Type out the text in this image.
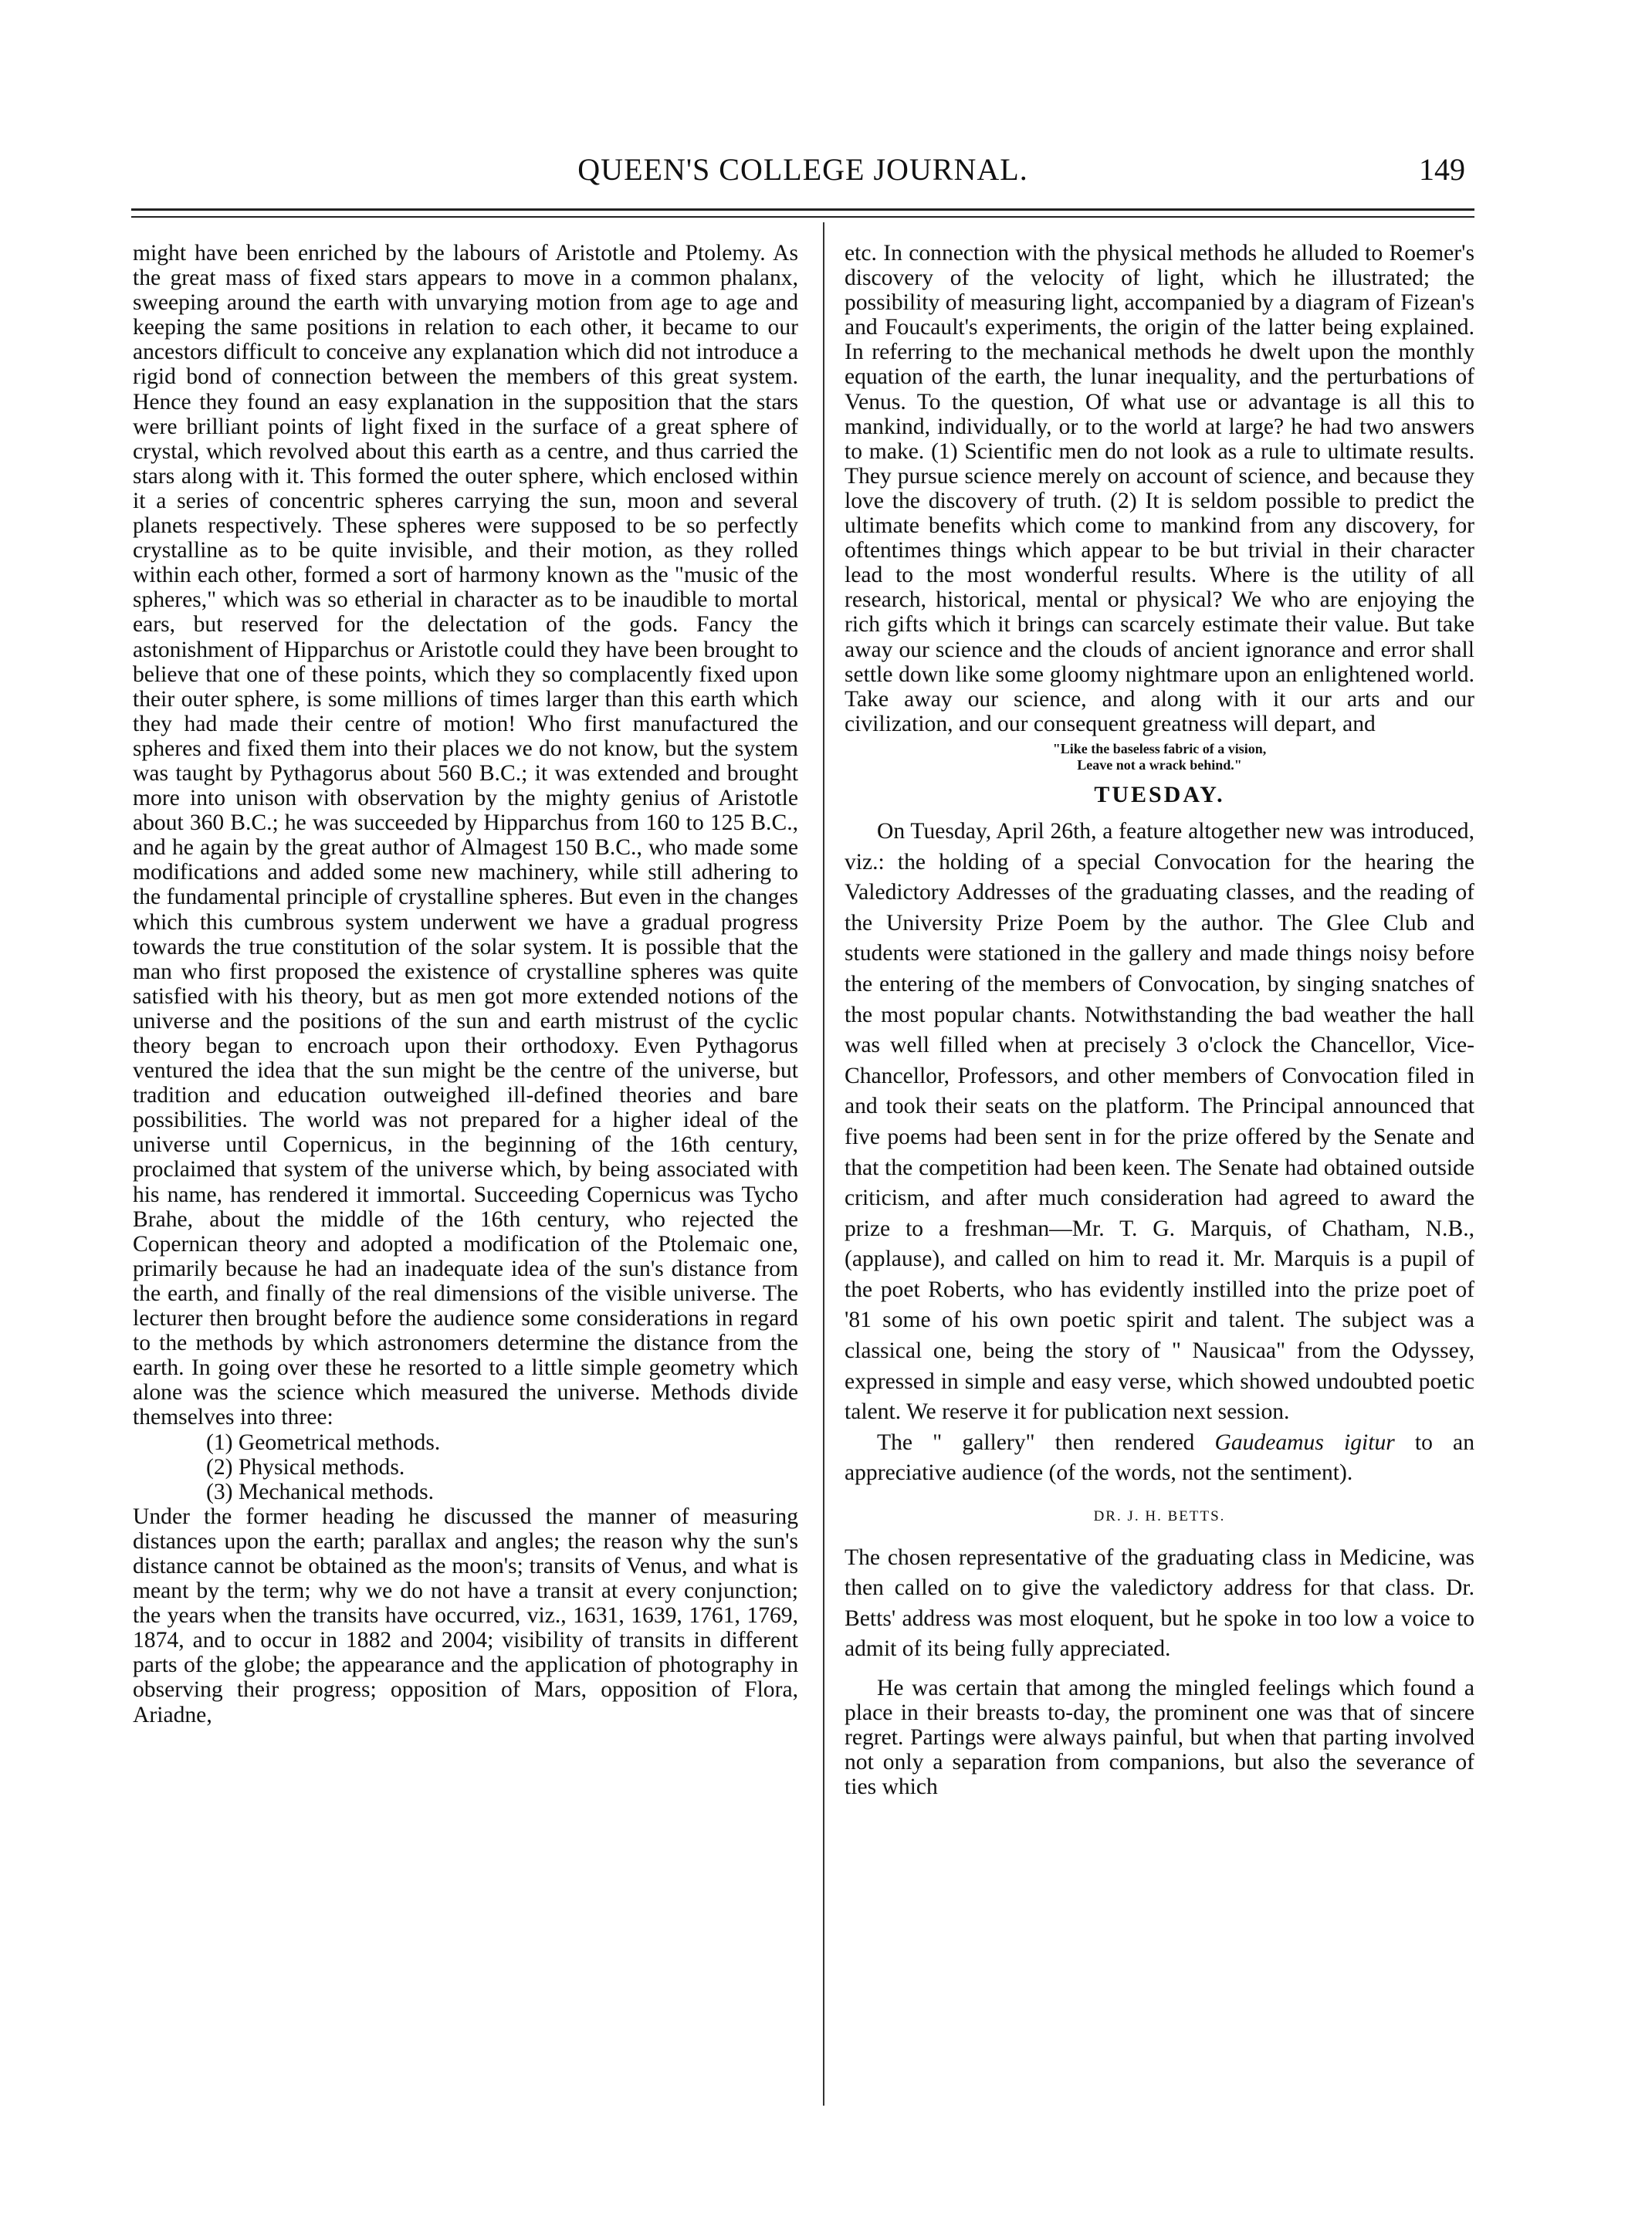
QUEEN'S COLLEGE JOURNAL.	149

might have been enriched by the labours of Aristotle and Ptolemy. As the great mass of fixed stars appears to move in a common phalanx, sweeping around the earth with unvarying motion from age to age and keeping the same positions in relation to each other, it became to our ancestors difficult to conceive any explanation which did not introduce a rigid bond of connection between the members of this great system. Hence they found an easy explanation in the supposition that the stars were brilliant points of light fixed in the surface of a great sphere of crystal, which revolved about this earth as a centre, and thus carried the stars along with it. This formed the outer sphere, which enclosed within it a series of concentric spheres carrying the sun, moon and several planets respectively. These spheres were supposed to be so perfectly crystalline as to be quite invisible, and their motion, as they rolled within each other, formed a sort of harmony known as the "music of the spheres," which was so etherial in character as to be inaudible to mortal ears, but reserved for the delectation of the gods. Fancy the astonishment of Hipparchus or Aristotle could they have been brought to believe that one of these points, which they so complacently fixed upon their outer sphere, is some millions of times larger than this earth which they had made their centre of motion! Who first manufactured the spheres and fixed them into their places we do not know, but the system was taught by Pythagorus about 560 B.C.; it was extended and brought more into unison with observation by the mighty genius of Aristotle about 360 B.C.; he was succeeded by Hipparchus from 160 to 125 B.C., and he again by the great author of Almagest 150 B.C., who made some modifications and added some new machinery, while still adhering to the fundamental principle of crystalline spheres. But even in the changes which this cumbrous system underwent we have a gradual progress towards the true constitution of the solar system. It is possible that the man who first proposed the existence of crystalline spheres was quite satisfied with his theory, but as men got more extended notions of the universe and the positions of the sun and earth mistrust of the cyclic theory began to encroach upon their orthodoxy. Even Pythagorus ventured the idea that the sun might be the centre of the universe, but tradition and education outweighed ill-defined theories and bare possibilities. The world was not prepared for a higher ideal of the universe until Copernicus, in the beginning of the 16th century, proclaimed that system of the universe which, by being associated with his name, has rendered it immortal. Succeeding Copernicus was Tycho Brahe, about the middle of the 16th century, who rejected the Copernican theory and adopted a modification of the Ptolemaic one, primarily because he had an inadequate idea of the sun's distance from the earth, and finally of the real dimensions of the visible universe. The lecturer then brought before the audience some considerations in regard to the methods by which astronomers determine the distance from the earth. In going over these he resorted to a little simple geometry which alone was the science which measured the universe. Methods divide themselves into three:

(1) Geometrical methods.
(2) Physical methods.
(3) Mechanical methods.

Under the former heading he discussed the manner of measuring distances upon the earth; parallax and angles; the reason why the sun's distance cannot be obtained as the moon's; transits of Venus, and what is meant by the term; why we do not have a transit at every conjunction; the years when the transits have occurred, viz., 1631, 1639, 1761, 1769, 1874, and to occur in 1882 and 2004; visibility of transits in different parts of the globe; the appearance and the application of photography in observing their progress; opposition of Mars, opposition of Flora, Ariadne,

etc. In connection with the physical methods he alluded to Roemer's discovery of the velocity of light, which he illustrated; the possibility of measuring light, accompanied by a diagram of Fizean's and Foucault's experiments, the origin of the latter being explained. In referring to the mechanical methods he dwelt upon the monthly equation of the earth, the lunar inequality, and the perturbations of Venus. To the question, Of what use or advantage is all this to mankind, individually, or to the world at large? he had two answers to make. (1) Scientific men do not look as a rule to ultimate results. They pursue science merely on account of science, and because they love the discovery of truth. (2) It is seldom possible to predict the ultimate benefits which come to mankind from any discovery, for oftentimes things which appear to be but trivial in their character lead to the most wonderful results. Where is the utility of all research, historical, mental or physical? We who are enjoying the rich gifts which it brings can scarcely estimate their value. But take away our science and the clouds of ancient ignorance and error shall settle down like some gloomy nightmare upon an enlightened world. Take away our science, and along with it our arts and our civilization, and our consequent greatness will depart, and

"Like the baseless fabric of a vision,
Leave not a wrack behind."
TUESDAY.

On Tuesday, April 26th, a feature altogether new was introduced, viz.: the holding of a special Convocation for the hearing the Valedictory Addresses of the graduating classes, and the reading of the University Prize Poem by the author. The Glee Club and students were stationed in the gallery and made things noisy before the entering of the members of Convocation, by singing snatches of the most popular chants. Notwithstanding the bad weather the hall was well filled when at precisely 3 o'clock the Chancellor, Vice-Chancellor, Professors, and other members of Convocation filed in and took their seats on the platform. The Principal announced that five poems had been sent in for the prize offered by the Senate and that the competition had been keen. The Senate had obtained outside criticism, and after much consideration had agreed to award the prize to a freshman—Mr. T. G. Marquis, of Chatham, N.B., (applause), and called on him to read it. Mr. Marquis is a pupil of the poet Roberts, who has evidently instilled into the prize poet of '81 some of his own poetic spirit and talent. The subject was a classical one, being the story of " Nausicaa" from the Odyssey, expressed in simple and easy verse, which showed undoubted poetic talent. We reserve it for publication next session.

The " gallery" then rendered Gaudeamus igitur to an appreciative audience (of the words, not the sentiment).

DR. J. H. BETTS.

The chosen representative of the graduating class in Medicine, was then called on to give the valedictory address for that class. Dr. Betts' address was most eloquent, but he spoke in too low a voice to admit of its being fully appreciated.

He was certain that among the mingled feelings which found a place in their breasts to-day, the prominent one was that of sincere regret. Partings were always painful, but when that parting involved not only a separation from companions, but also the severance of ties which
